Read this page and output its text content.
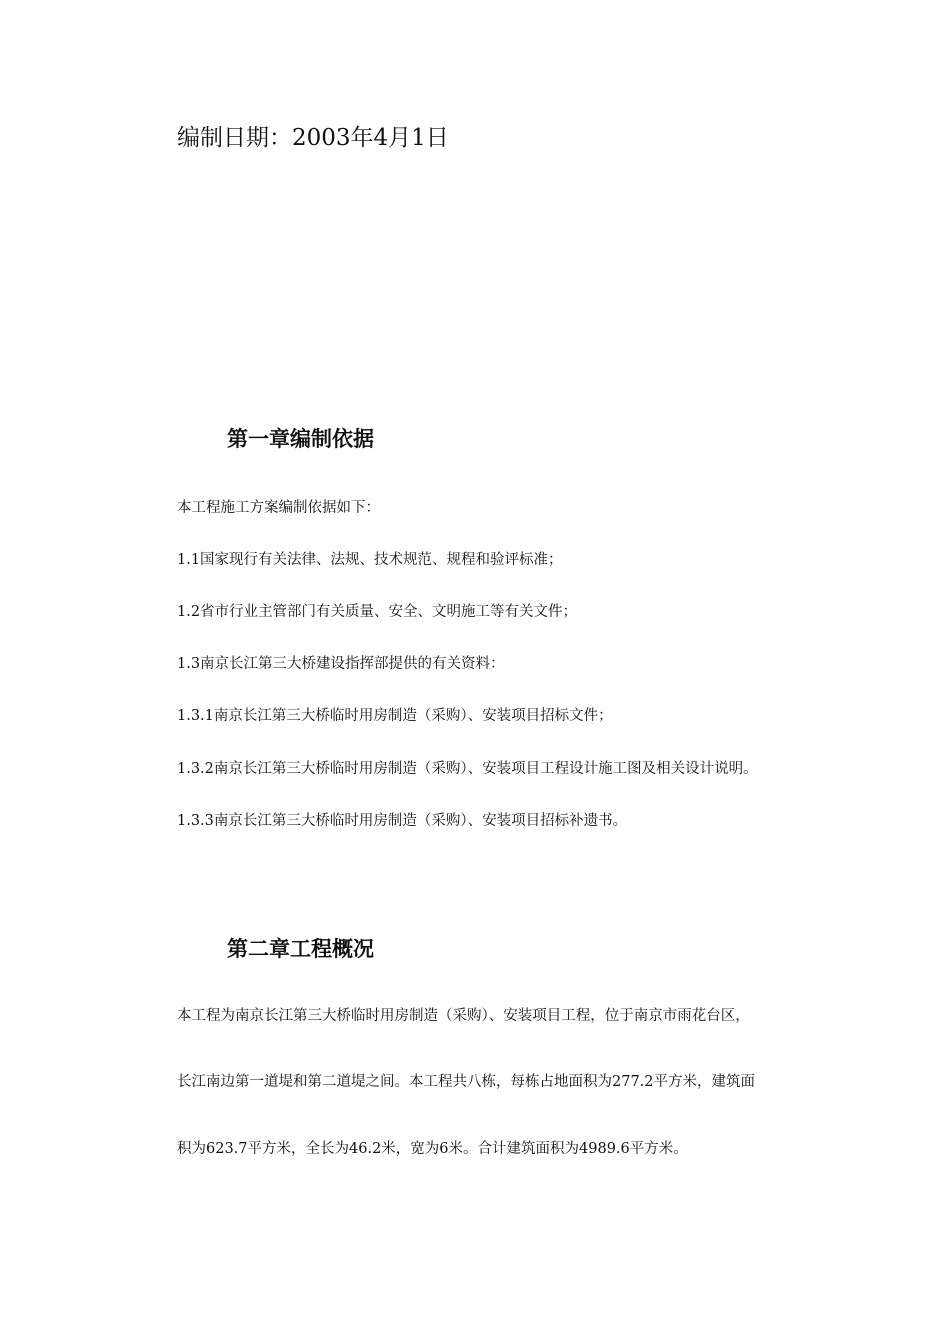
编制日期：2003年4月1日
第一章编制依据
本工程施工方案编制依据如下：
1.1国家现行有关法律、法规、技术规范、规程和验评标准；
1.2省市行业主管部门有关质量、安全、文明施工等有关文件；
1.3南京长江第三大桥建设指挥部提供的有关资料：
1.3.1南京长江第三大桥临时用房制造（采购）、安装项目招标文件；
1.3.2南京长江第三大桥临时用房制造（采购）、安装项目工程设计施工图及相关设计说明。
1.3.3南京长江第三大桥临时用房制造（采购）、安装项目招标补遗书。
第二章工程概况
本工程为南京长江第三大桥临时用房制造（采购）、安装项目工程，位于南京市雨花台区，
长江南边第一道堤和第二道堤之间。本工程共八栋，每栋占地面积为277.2平方米，建筑面
积为623.7平方米，全长为46.2米，宽为6米。合计建筑面积为4989.6平方米。
